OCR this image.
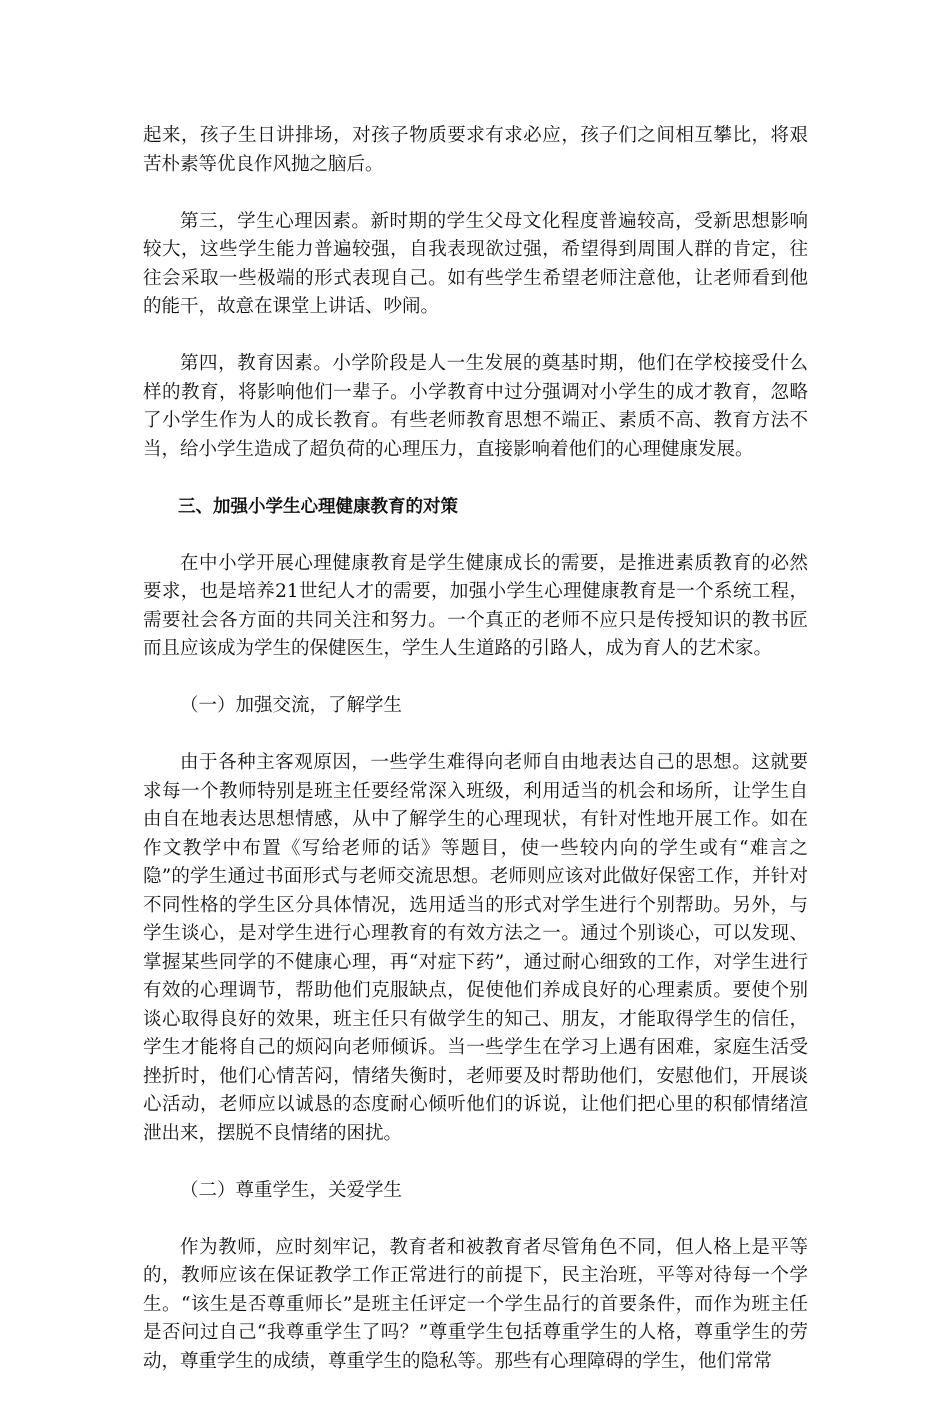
起来，孩子生日讲排场，对孩子物质要求有求必应，孩子们之间相互攀比，将艰苦朴素等优良作风抛之脑后。

第三，学生心理因素。新时期的学生父母文化程度普遍较高，受新思想影响较大，这些学生能力普遍较强，自我表现欲过强，希望得到周围人群的肯定，往往会采取一些极端的形式表现自己。如有些学生希望老师注意他，让老师看到他的能干，故意在课堂上讲话、吵闹。

第四，教育因素。小学阶段是人一生发展的奠基时期，他们在学校接受什么样的教育，将影响他们一辈子。小学教育中过分强调对小学生的成才教育，忽略了小学生作为人的成长教育。有些老师教育思想不端正、素质不高、教育方法不当，给小学生造成了超负荷的心理压力，直接影响着他们的心理健康发展。

三、加强小学生心理健康教育的对策

在中小学开展心理健康教育是学生健康成长的需要，是推进素质教育的必然要求，也是培养21世纪人才的需要，加强小学生心理健康教育是一个系统工程，需要社会各方面的共同关注和努力。一个真正的老师不应只是传授知识的教书匠而且应该成为学生的保健医生，学生人生道路的引路人，成为育人的艺术家。

（一）加强交流，了解学生

由于各种主客观原因，一些学生难得向老师自由地表达自己的思想。这就要求每一个教师特别是班主任要经常深入班级，利用适当的机会和场所，让学生自由自在地表达思想情感，从中了解学生的心理现状，有针对性地开展工作。如在作文教学中布置《写给老师的话》等题目，使一些较内向的学生或有“难言之隐”的学生通过书面形式与老师交流思想。老师则应该对此做好保密工作，并针对不同性格的学生区分具体情况，选用适当的形式对学生进行个别帮助。另外，与学生谈心，是对学生进行心理教育的有效方法之一。通过个别谈心，可以发现、掌握某些同学的不健康心理，再“对症下药”，通过耐心细致的工作，对学生进行有效的心理调节，帮助他们克服缺点，促使他们养成良好的心理素质。要使个别谈心取得良好的效果，班主任只有做学生的知己、朋友，才能取得学生的信任，学生才能将自己的烦闷向老师倾诉。当一些学生在学习上遇有困难，家庭生活受挫折时，他们心情苦闷，情绪失衡时，老师要及时帮助他们，安慰他们，开展谈心活动，老师应以诚恳的态度耐心倾听他们的诉说，让他们把心里的积郁情绪渲泄出来，摆脱不良情绪的困扰。

（二）尊重学生，关爱学生

作为教师，应时刻牢记，教育者和被教育者尽管角色不同，但人格上是平等的，教师应该在保证教学工作正常进行的前提下，民主治班，平等对待每一个学生。“该生是否尊重师长”是班主任评定一个学生品行的首要条件，而作为班主任是否问过自己“我尊重学生了吗？”尊重学生包括尊重学生的人格，尊重学生的劳动，尊重学生的成绩，尊重学生的隐私等。那些有心理障碍的学生，他们常常
